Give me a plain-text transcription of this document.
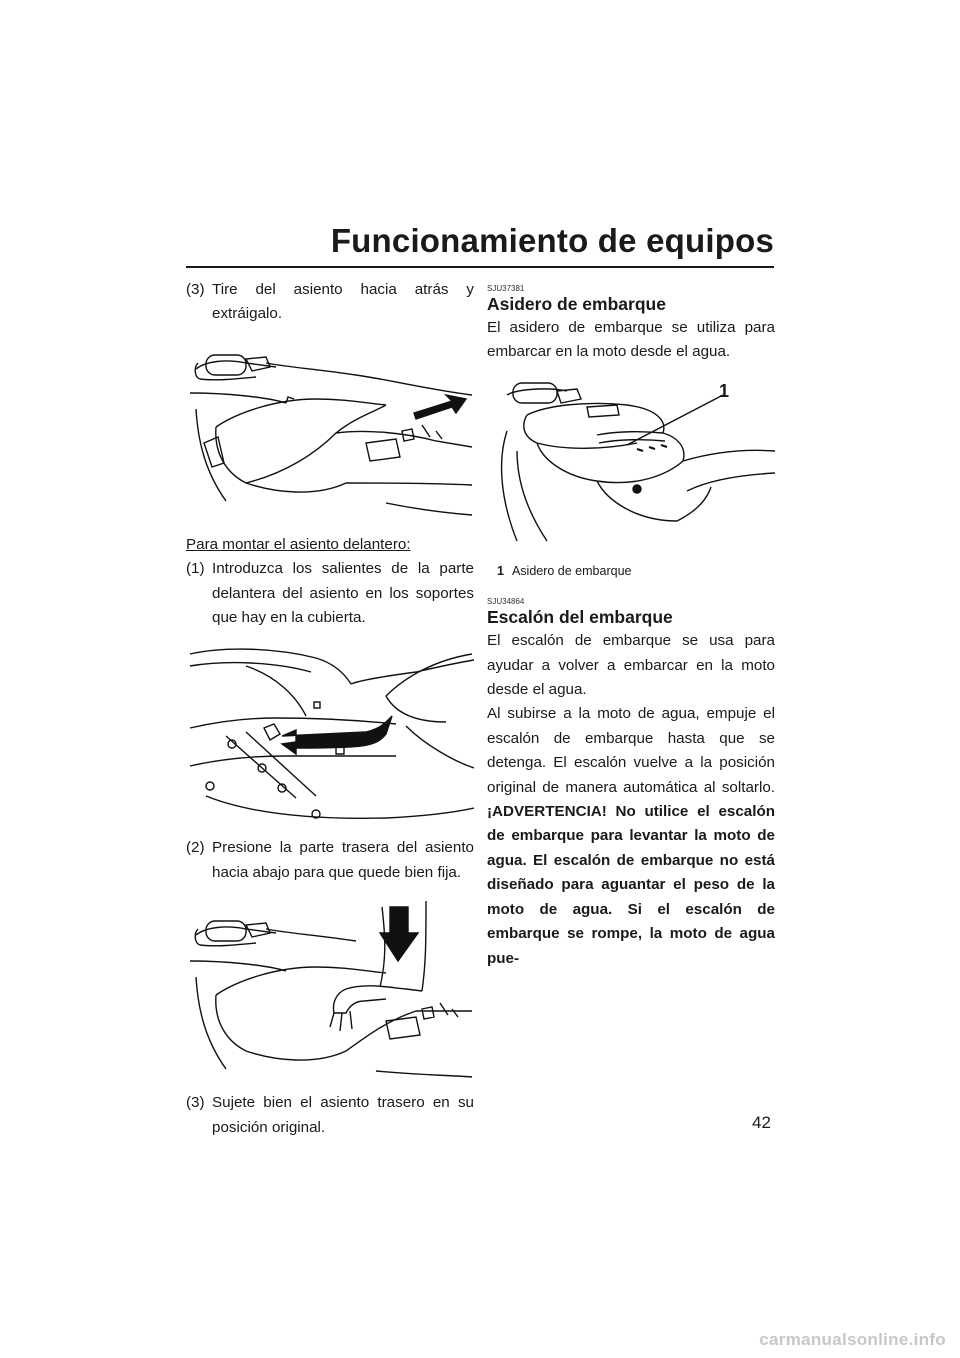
Funcionamiento de equipos
(3) Tire del asiento hacia atrás y extráigalo.
Para montar el asiento delantero:
(1) Introduzca los salientes de la parte delantera del asiento en los soportes que hay en la cubierta.
(2) Presione la parte trasera del asiento hacia abajo para que quede bien fija.
(3) Sujete bien el asiento trasero en su posición original.
SJU37381
Asidero de embarque
El asidero de embarque se utiliza para embarcar en la moto desde el agua.
1
1 Asidero de embarque
SJU34864
Escalón del embarque
El escalón de embarque se usa para ayudar a volver a embarcar en la moto desde el agua.
Al subirse a la moto de agua, empuje el escalón de embarque hasta que se detenga. El escalón vuelve a la posición original de manera automática al soltarlo. ¡ADVERTENCIA! No utilice el escalón de embarque para levantar la moto de agua. El escalón de embarque no está diseñado para aguantar el peso de la moto de agua. Si el escalón de embarque se rompe, la moto de agua pue-
42
carmanualsonline.info
